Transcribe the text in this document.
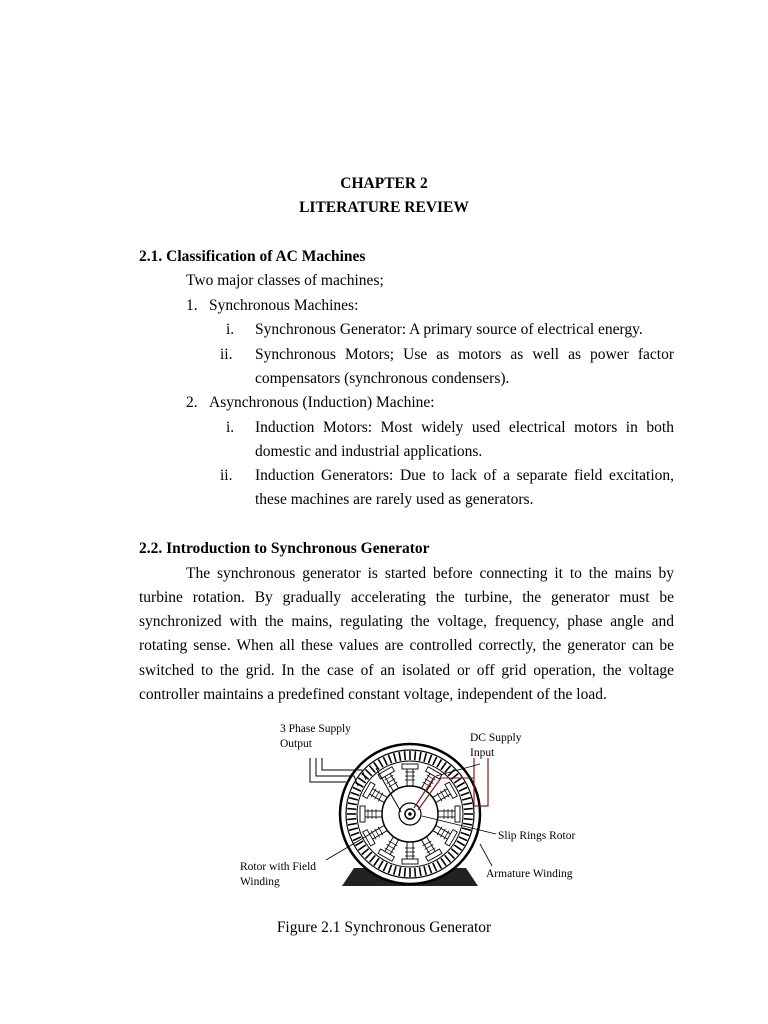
CHAPTER 2
LITERATURE REVIEW
2.1. Classification of AC Machines
Two major classes of machines;
1. Synchronous Machines:
i. Synchronous Generator: A primary source of electrical energy.
ii. Synchronous Motors; Use as motors as well as power factor
compensators (synchronous condensers).
2. Asynchronous (Induction) Machine:
i. Induction Motors: Most widely used electrical motors in both
domestic and industrial applications.
ii. Induction Generators: Due to lack of a separate field excitation,
these machines are rarely used as generators.
2.2. Introduction to Synchronous Generator
The synchronous generator is started before connecting it to the mains by
turbine rotation. By gradually accelerating the turbine, the generator must be
synchronized with the mains, regulating the voltage, frequency, phase angle and
rotating sense. When all these values are controlled correctly, the generator can be
switched to the grid. In the case of an isolated or off grid operation, the voltage
controller maintains a predefined constant voltage, independent of the load.
3 Phase Supply
Output	DC Supply
Input
Slip Rings Rotor
Rotor with Field
Winding
Armature Winding
Figure 2.1 Synchronous Generator
